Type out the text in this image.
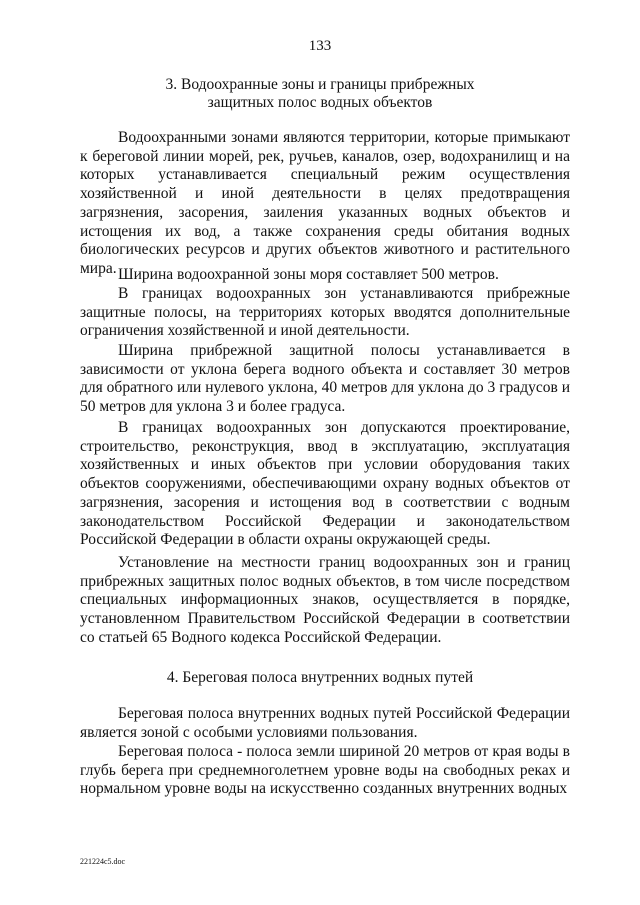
133
3. Водоохранные зоны и границы прибрежных
защитных полос водных объектов

Водоохранными зонами являются территории, которые примыкают к береговой линии морей, рек, ручьев, каналов, озер, водохранилищ и на которых устанавливается специальный режим осуществления хозяйственной и иной деятельности в целях предотвращения загрязнения, засорения, заиления указанных водных объектов и истощения их вод, а также сохранения среды обитания водных биологических ресурсов и других объектов животного и растительного мира. Ширина водоохранной зоны моря составляет 500 метров.

В границах водоохранных зон устанавливаются прибрежные защитные полосы, на территориях которых вводятся дополнительные ограничения хозяйственной и иной деятельности.

Ширина прибрежной защитной полосы устанавливается в зависимости от уклона берега водного объекта и составляет 30 метров для обратного или нулевого уклона, 40 метров для уклона до 3 градусов и 50 метров для уклона 3 и более градуса.

В границах водоохранных зон допускаются проектирование, строительство, реконструкция, ввод в эксплуатацию, эксплуатация хозяйственных и иных объектов при условии оборудования таких объектов сооружениями, обеспечивающими охрану водных объектов от загрязнения, засорения и истощения вод в соответствии с водным законодательством Российской Федерации и законодательством Российской Федерации в области охраны окружающей среды.

Установление на местности границ водоохранных зон и границ прибрежных защитных полос водных объектов, в том числе посредством специальных информационных знаков, осуществляется в порядке, установленном Правительством Российской Федерации в соответствии со статьей 65 Водного кодекса Российской Федерации.

4. Береговая полоса внутренних водных путей

Береговая полоса внутренних водных путей Российской Федерации является зоной с особыми условиями пользования.

Береговая полоса - полоса земли шириной 20 метров от края воды в глубь берега при среднемноголетнем уровне воды на свободных реках и нормальном уровне воды на искусственно созданных внутренних водных

221224c5.doc
